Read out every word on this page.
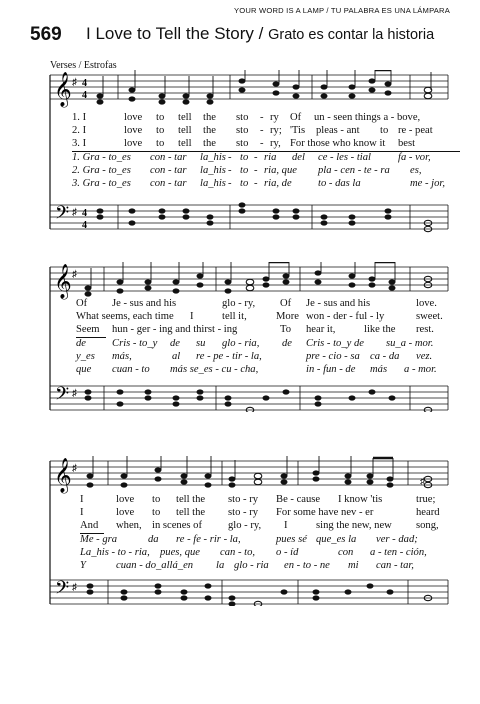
YOUR WORD IS A LAMP / TU PALABRA ES UNA LÁMPARA
569 I Love to Tell the Story / Grato es contar la historia
Verses / Estrofas
𝄞
𝄢
♯
♯
4
4
4
4
1. I	love to tell the sto - ry Of un - seen things a - bove,
2. I	love to tell the sto - ry; 'Tis pleas - ant to re - peat
3. I	love to tell the sto - ry, For those who know it best
1. Gra - to_es con - tar la_his - to - ria del ce - les - tial	fa - vor,
2. Gra - to_es con - tar la_his - to - ria, que pla - cen - te - ra es,
3. Gra - to_es con - tar la_his - to - ria, de to - das la	me - jor,
𝄞
𝄢
♯
♯
Of Je - sus and his	glo - ry, Of Je - sus and his	love.
What seems, each time I	tell it,	More won - der - ful - ly	sweet.
Seem hun - ger - ing and thirst - ing	To hear it,	like the rest.
de Cris - to_y de su glo - ria, de Cris - to_y de su_a - mor.
y_es más,	al re - pe - tir - la,	pre - cio - sa ca - da vez.
que cuan - to más se_es - cu - cha,	in - fun - de más a - mor.
𝄞
𝄢
♯
♯
♯
I	love to tell the sto - ry Be - cause I know 'tis	true;
I	love to tell the sto - ry For some have nev - er	heard
And when, in scenes of glo - ry, I	sing the new, new song,
Me - gra	da re - fe - rir - la,	pues sé que_es la ver - dad;
La_his - to - ria, pues, que can - to, o - íd	con a - ten - ción,
Y	cuan - do_allá_en la glo - ria en - to - ne mi can - tar,
